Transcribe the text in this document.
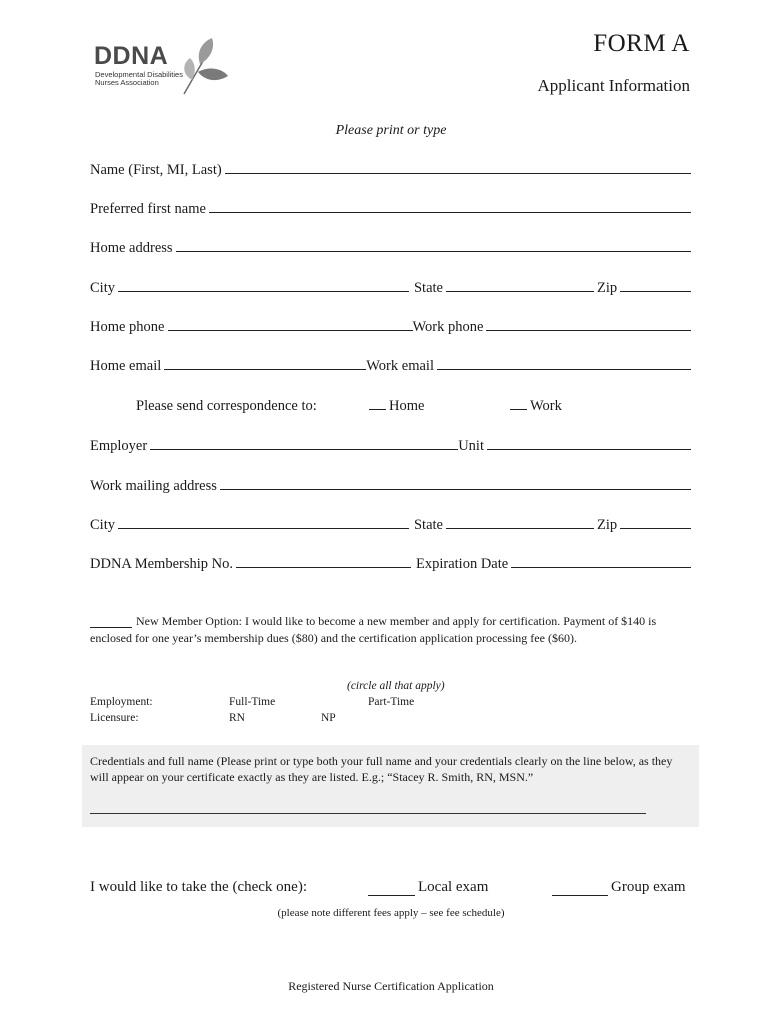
DDNA
Developmental Disabilities
Nurses Association
FORM A
Applicant Information
Please print or type
Name (First, MI, Last)
Preferred first name
Home address
City	State	Zip
Home phone	Work phone
Home email	Work email
Please send correspondence to:	Home	Work
Employer	Unit
Work mailing address
City	State	Zip
DDNA Membership No.	Expiration Date
New Member Option: I would like to become a new member and apply for certification. Payment of $140 is
enclosed for one year’s membership dues ($80) and the certification application processing fee ($60).
(circle all that apply)
Employment:	Full-Time	Part-Time
Licensure:	RN	NP
Credentials and full name (Please print or type both your full name and your credentials clearly on the line below, as they
will appear on your certificate exactly as they are listed. E.g.; “Stacey R. Smith, RN, MSN.”
I would like to take the (check one):	Local exam	Group exam
(please note different fees apply – see fee schedule)
Registered Nurse Certification Application
